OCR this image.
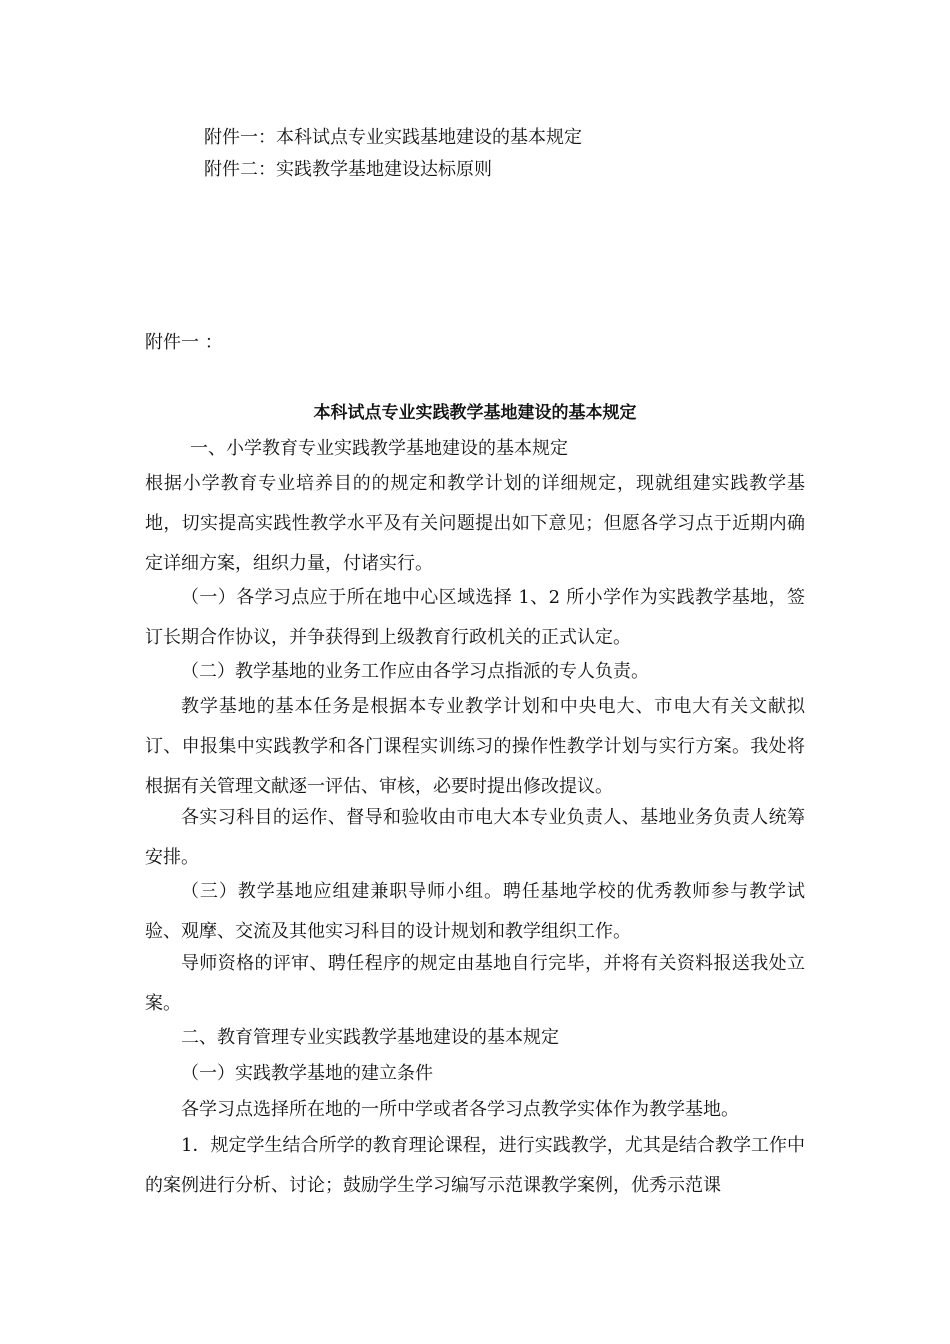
附件一：本科试点专业实践基地建设的基本规定
附件二：实践教学基地建设达标原则
附件一 ：
本科试点专业实践教学基地建设的基本规定
一、小学教育专业实践教学基地建设的基本规定
根据小学教育专业培养目的的规定和教学计划的详细规定，现就组建实践教学基地，切实提高实践性教学水平及有关问题提出如下意见；但愿各学习点于近期内确定详细方案，组织力量，付诸实行。
（一）各学习点应于所在地中心区域选择 1、2 所小学作为实践教学基地，签订长期合作协议，并争获得到上级教育行政机关的正式认定。
（二）教学基地的业务工作应由各学习点指派的专人负责。
教学基地的基本任务是根据本专业教学计划和中央电大、市电大有关文献拟订、申报集中实践教学和各门课程实训练习的操作性教学计划与实行方案。我处将根据有关管理文献逐一评估、审核，必要时提出修改提议。
各实习科目的运作、督导和验收由市电大本专业负责人、基地业务负责人统筹安排。
（三）教学基地应组建兼职导师小组。聘任基地学校的优秀教师参与教学试验、观摩、交流及其他实习科目的设计规划和教学组织工作。
导师资格的评审、聘任程序的规定由基地自行完毕，并将有关资料报送我处立案。
二、教育管理专业实践教学基地建设的基本规定
（一）实践教学基地的建立条件
各学习点选择所在地的一所中学或者各学习点教学实体作为教学基地。
1．规定学生结合所学的教育理论课程，进行实践教学，尤其是结合教学工作中的案例进行分析、讨论；鼓励学生学习编写示范课教学案例，优秀示范课
